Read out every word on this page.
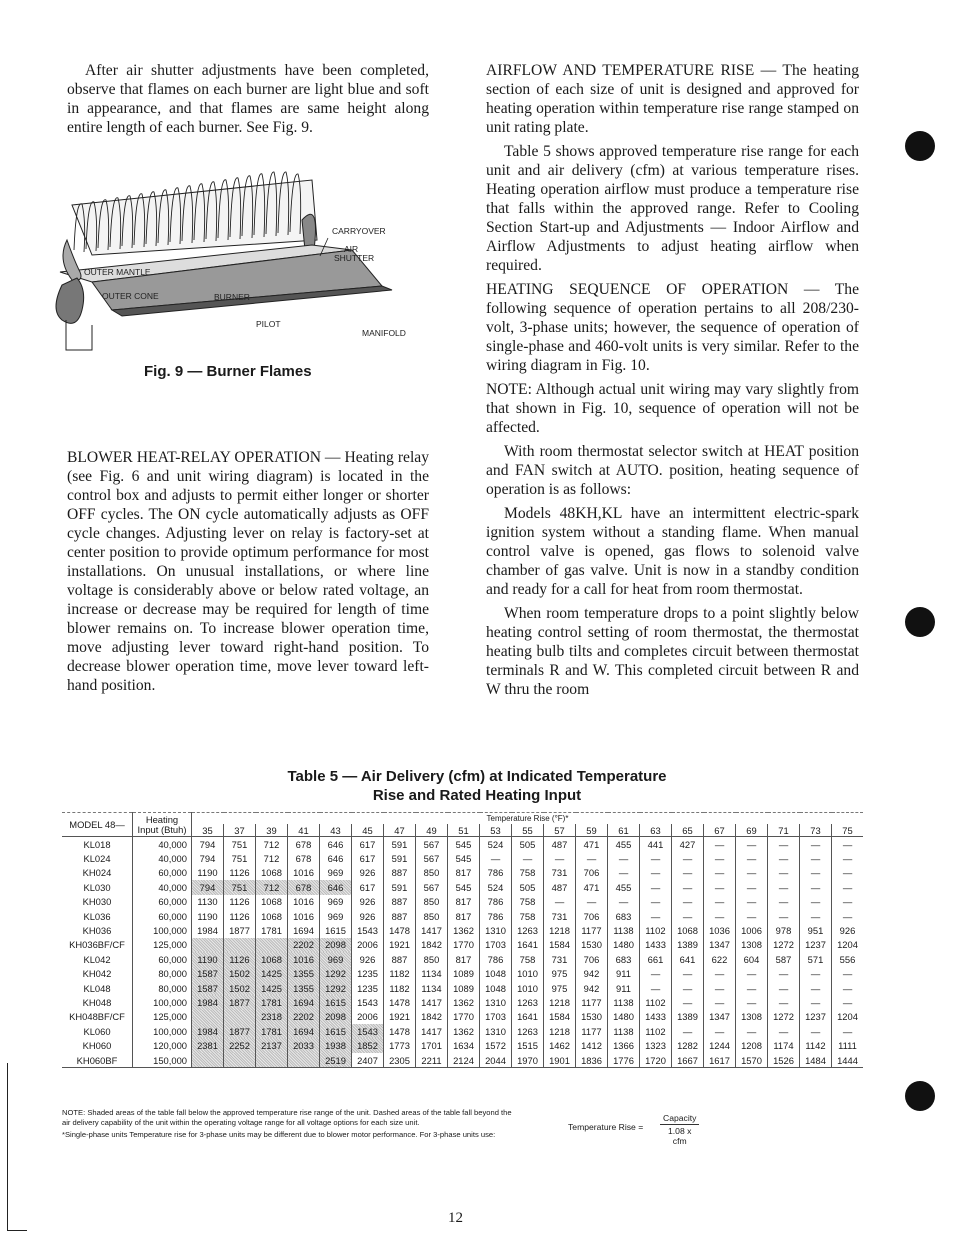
After air shutter adjustments have been completed, observe that flames on each burner are light blue and soft in appearance, and that flames are same height along entire length of each burner. See Fig. 9.

CARRYOVER
AIR
SHUTTER
OUTER MANTLE
OUTER CONE	BURNER
PILOT
MANIFOLD
Fig. 9 — Burner Flames

BLOWER HEAT-RELAY OPERATION — Heating relay (see Fig. 6 and unit wiring diagram) is located in the control box and adjusts to permit either longer or shorter OFF cycles. The ON cycle automatically adjusts as OFF cycle changes. Adjusting lever on relay is factory-set at center position to provide optimum performance for most installations. On unusual installations, or where line voltage is considerably above or below rated voltage, an increase or decrease may be required for length of time blower remains on. To increase blower operation time, move adjusting lever toward right-hand position. To decrease blower operation time, move lever toward left-hand position.

AIRFLOW AND TEMPERATURE RISE — The heating section of each size of unit is designed and approved for heating operation within temperature rise range stamped on unit rating plate.

Table 5 shows approved temperature rise range for each unit and air delivery (cfm) at various temperature rises. Heating operation airflow must produce a temperature rise that falls within the approved range. Refer to Cooling Section Start-up and Adjustments — Indoor Airflow and Airflow Adjustments to adjust heating airflow when required.

HEATING SEQUENCE OF OPERATION — The following sequence of operation pertains to all 208/230-volt, 3-phase units; however, the sequence of operation of single-phase and 460-volt units is very similar. Refer to the wiring diagram in Fig. 10.

NOTE: Although actual unit wiring may vary slightly from that shown in Fig. 10, sequence of operation will not be affected.

With room thermostat selector switch at HEAT position and FAN switch at AUTO. position, heating sequence of operation is as follows:

Models 48KH,KL have an intermittent electric-spark ignition system without a standing flame. When manual control valve is opened, gas flows to solenoid valve chamber of gas valve. Unit is now in a standby condition and ready for a call for heat from room thermostat.

When room temperature drops to a point slightly below heating control setting of room thermostat, the thermostat heating bulb tilts and completes circuit between thermostat terminals R and W. This completed circuit between R and W thru the room

Table 5 — Air Delivery (cfm) at Indicated Temperature
Rise and Rated Heating Input
MODEL 48—	Heating Input (Btuh)	Temperature Rise (°F)*																				
		35	37	39	41	43	45	47	49	51	53	55	57	59	61	63	65	67	69	71	73	75
KL018	40,000	794	751	712	678	646	617	591	567	545	524	505	487	471	455	441	427	—	—	—	—	—
KL024	40,000	794	751	712	678	646	617	591	567	545	—	—	—	—	—	—	—	—	—	—	—	—
KH024	60,000	1190	1126	1068	1016	969	926	887	850	817	786	758	731	706	—	—	—	—	—	—	—	—
KL030	40,000	794	751	712	678	646	617	591	567	545	524	505	487	471	455	—	—	—	—	—	—	—
KH030	60,000	1130	1126	1068	1016	969	926	887	850	817	786	758	—	—	—	—	—	—	—	—	—	—
KL036	60,000	1190	1126	1068	1016	969	926	887	850	817	786	758	731	706	683	—	—	—	—	—	—	—
KH036	100,000	1984	1877	1781	1694	1615	1543	1478	1417	1362	1310	1263	1218	1177	1138	1102	1068	1036	1006	978	951	926
KH036BF/CF	125,000				2202	2098	2006	1921	1842	1770	1703	1641	1584	1530	1480	1433	1389	1347	1308	1272	1237	1204
KL042	60,000	1190	1126	1068	1016	969	926	887	850	817	786	758	731	706	683	661	641	622	604	587	571	556
KH042	80,000	1587	1502	1425	1355	1292	1235	1182	1134	1089	1048	1010	975	942	911	—	—	—	—	—	—	—
KL048	80,000	1587	1502	1425	1355	1292	1235	1182	1134	1089	1048	1010	975	942	911	—	—	—	—	—	—	—
KH048	100,000	1984	1877	1781	1694	1615	1543	1478	1417	1362	1310	1263	1218	1177	1138	1102	—	—	—	—	—	—
KH048BF/CF	125,000			2318	2202	2098	2006	1921	1842	1770	1703	1641	1584	1530	1480	1433	1389	1347	1308	1272	1237	1204
KL060	100,000	1984	1877	1781	1694	1615	1543	1478	1417	1362	1310	1263	1218	1177	1138	1102	—	—	—	—	—	—
KH060	120,000	2381	2252	2137	2033	1938	1852	1773	1701	1634	1572	1515	1462	1412	1366	1323	1282	1244	1208	1174	1142	1111
KH060BF	150,000					2519	2407	2305	2211	2124	2044	1970	1901	1836	1776	1720	1667	1617	1570	1526	1484	1444

NOTE: Shaded areas of the table fall below the approved temperature rise range of the unit. Dashed areas of the table fall beyond the air delivery capability of the unit within the operating voltage range for all voltage options for each size unit.

*Single-phase units Temperature rise for 3-phase units may be different due to blower motor performance. For 3-phase units use:

Temperature Rise =
Capacity
1.08 x cfm
12
